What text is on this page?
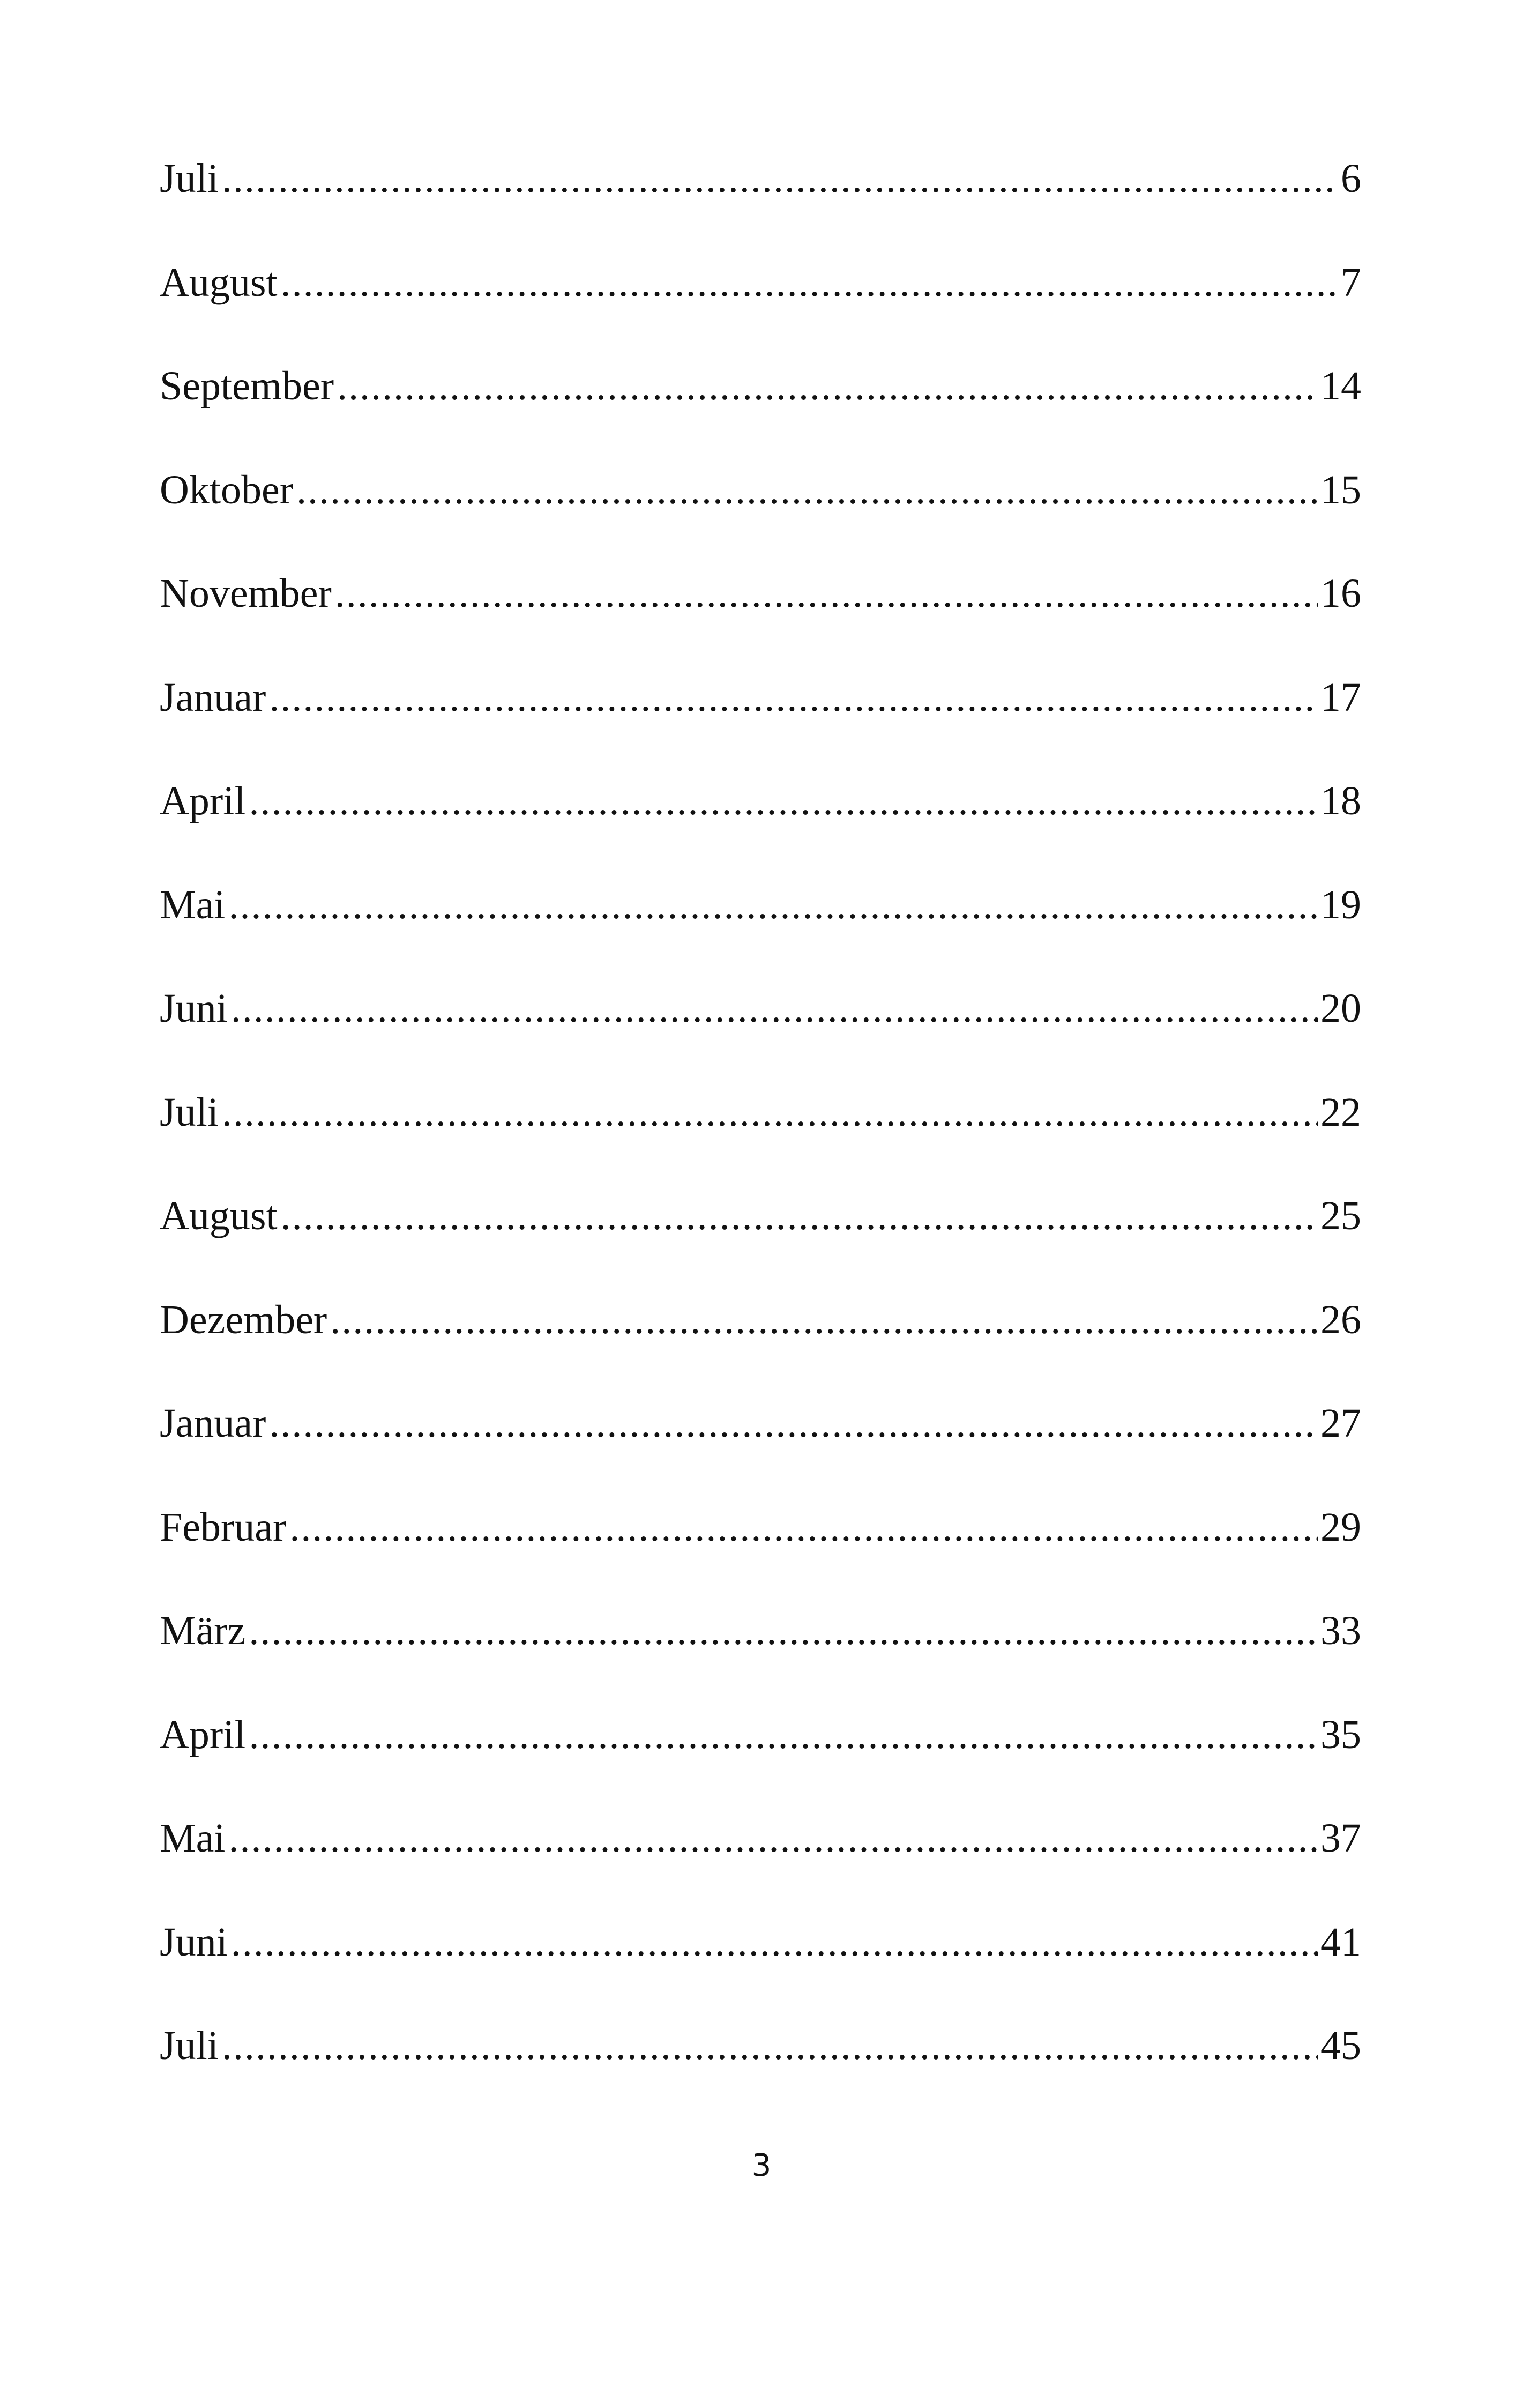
Juli .....	6
August .....	7
September .....	14
Oktober .....	15
November .....	16
Januar .....	17
April .....	18
Mai .....	19
Juni .....	20
Juli .....	22
August .....	25
Dezember .....	26
Januar .....	27
Februar .....	29
März .....	33
April .....	35
Mai .....	37
Juni .....	41
Juli .....	45
3
